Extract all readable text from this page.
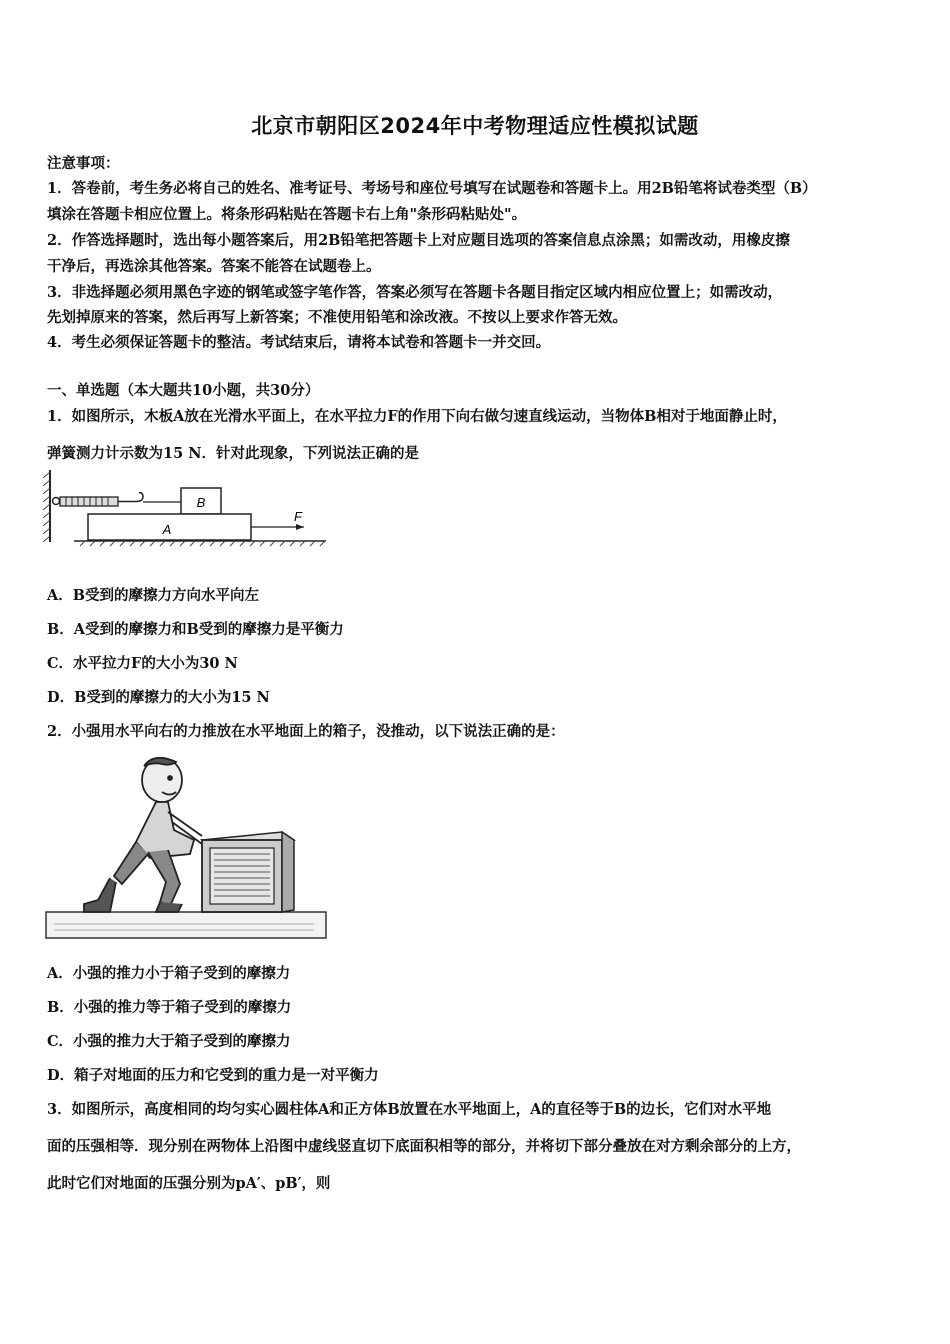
北京市朝阳区2024年中考物理适应性模拟试题
注意事项：
1．答卷前，考生务必将自己的姓名、准考证号、考场号和座位号填写在试题卷和答题卡上。用2B铅笔将试卷类型（B）
填涂在答题卡相应位置上。将条形码粘贴在答题卡右上角"条形码粘贴处"。
2．作答选择题时，选出每小题答案后，用2B铅笔把答题卡上对应题目选项的答案信息点涂黑；如需改动，用橡皮擦
干净后，再选涂其他答案。答案不能答在试题卷上。
3．非选择题必须用黑色字迹的钢笔或签字笔作答，答案必须写在答题卡各题目指定区域内相应位置上；如需改动，
先划掉原来的答案，然后再写上新答案；不准使用铅笔和涂改液。不按以上要求作答无效。
4．考生必须保证答题卡的整洁。考试结束后，请将本试卷和答题卡一并交回。
一、单选题（本大题共10小题，共30分）
1．如图所示，木板A放在光滑水平面上，在水平拉力F的作用下向右做匀速直线运动，当物体B相对于地面静止时，
弹簧测力计示数为15 N．针对此现象，下列说法正确的是
B
A
F
A．B受到的摩擦力方向水平向左
B．A受到的摩擦力和B受到的摩擦力是平衡力
C．水平拉力F的大小为30 N
D．B受到的摩擦力的大小为15 N
2．小强用水平向右的力推放在水平地面上的箱子，没推动，以下说法正确的是：
A．小强的推力小于箱子受到的摩擦力
B．小强的推力等于箱子受到的摩擦力
C．小强的推力大于箱子受到的摩擦力
D．箱子对地面的压力和它受到的重力是一对平衡力
3．如图所示，高度相同的均匀实心圆柱体A和正方体B放置在水平地面上，A的直径等于B的边长，它们对水平地
面的压强相等．现分别在两物体上沿图中虚线竖直切下底面积相等的部分，并将切下部分叠放在对方剩余部分的上方，
此时它们对地面的压强分别为pA′、pB′，则
